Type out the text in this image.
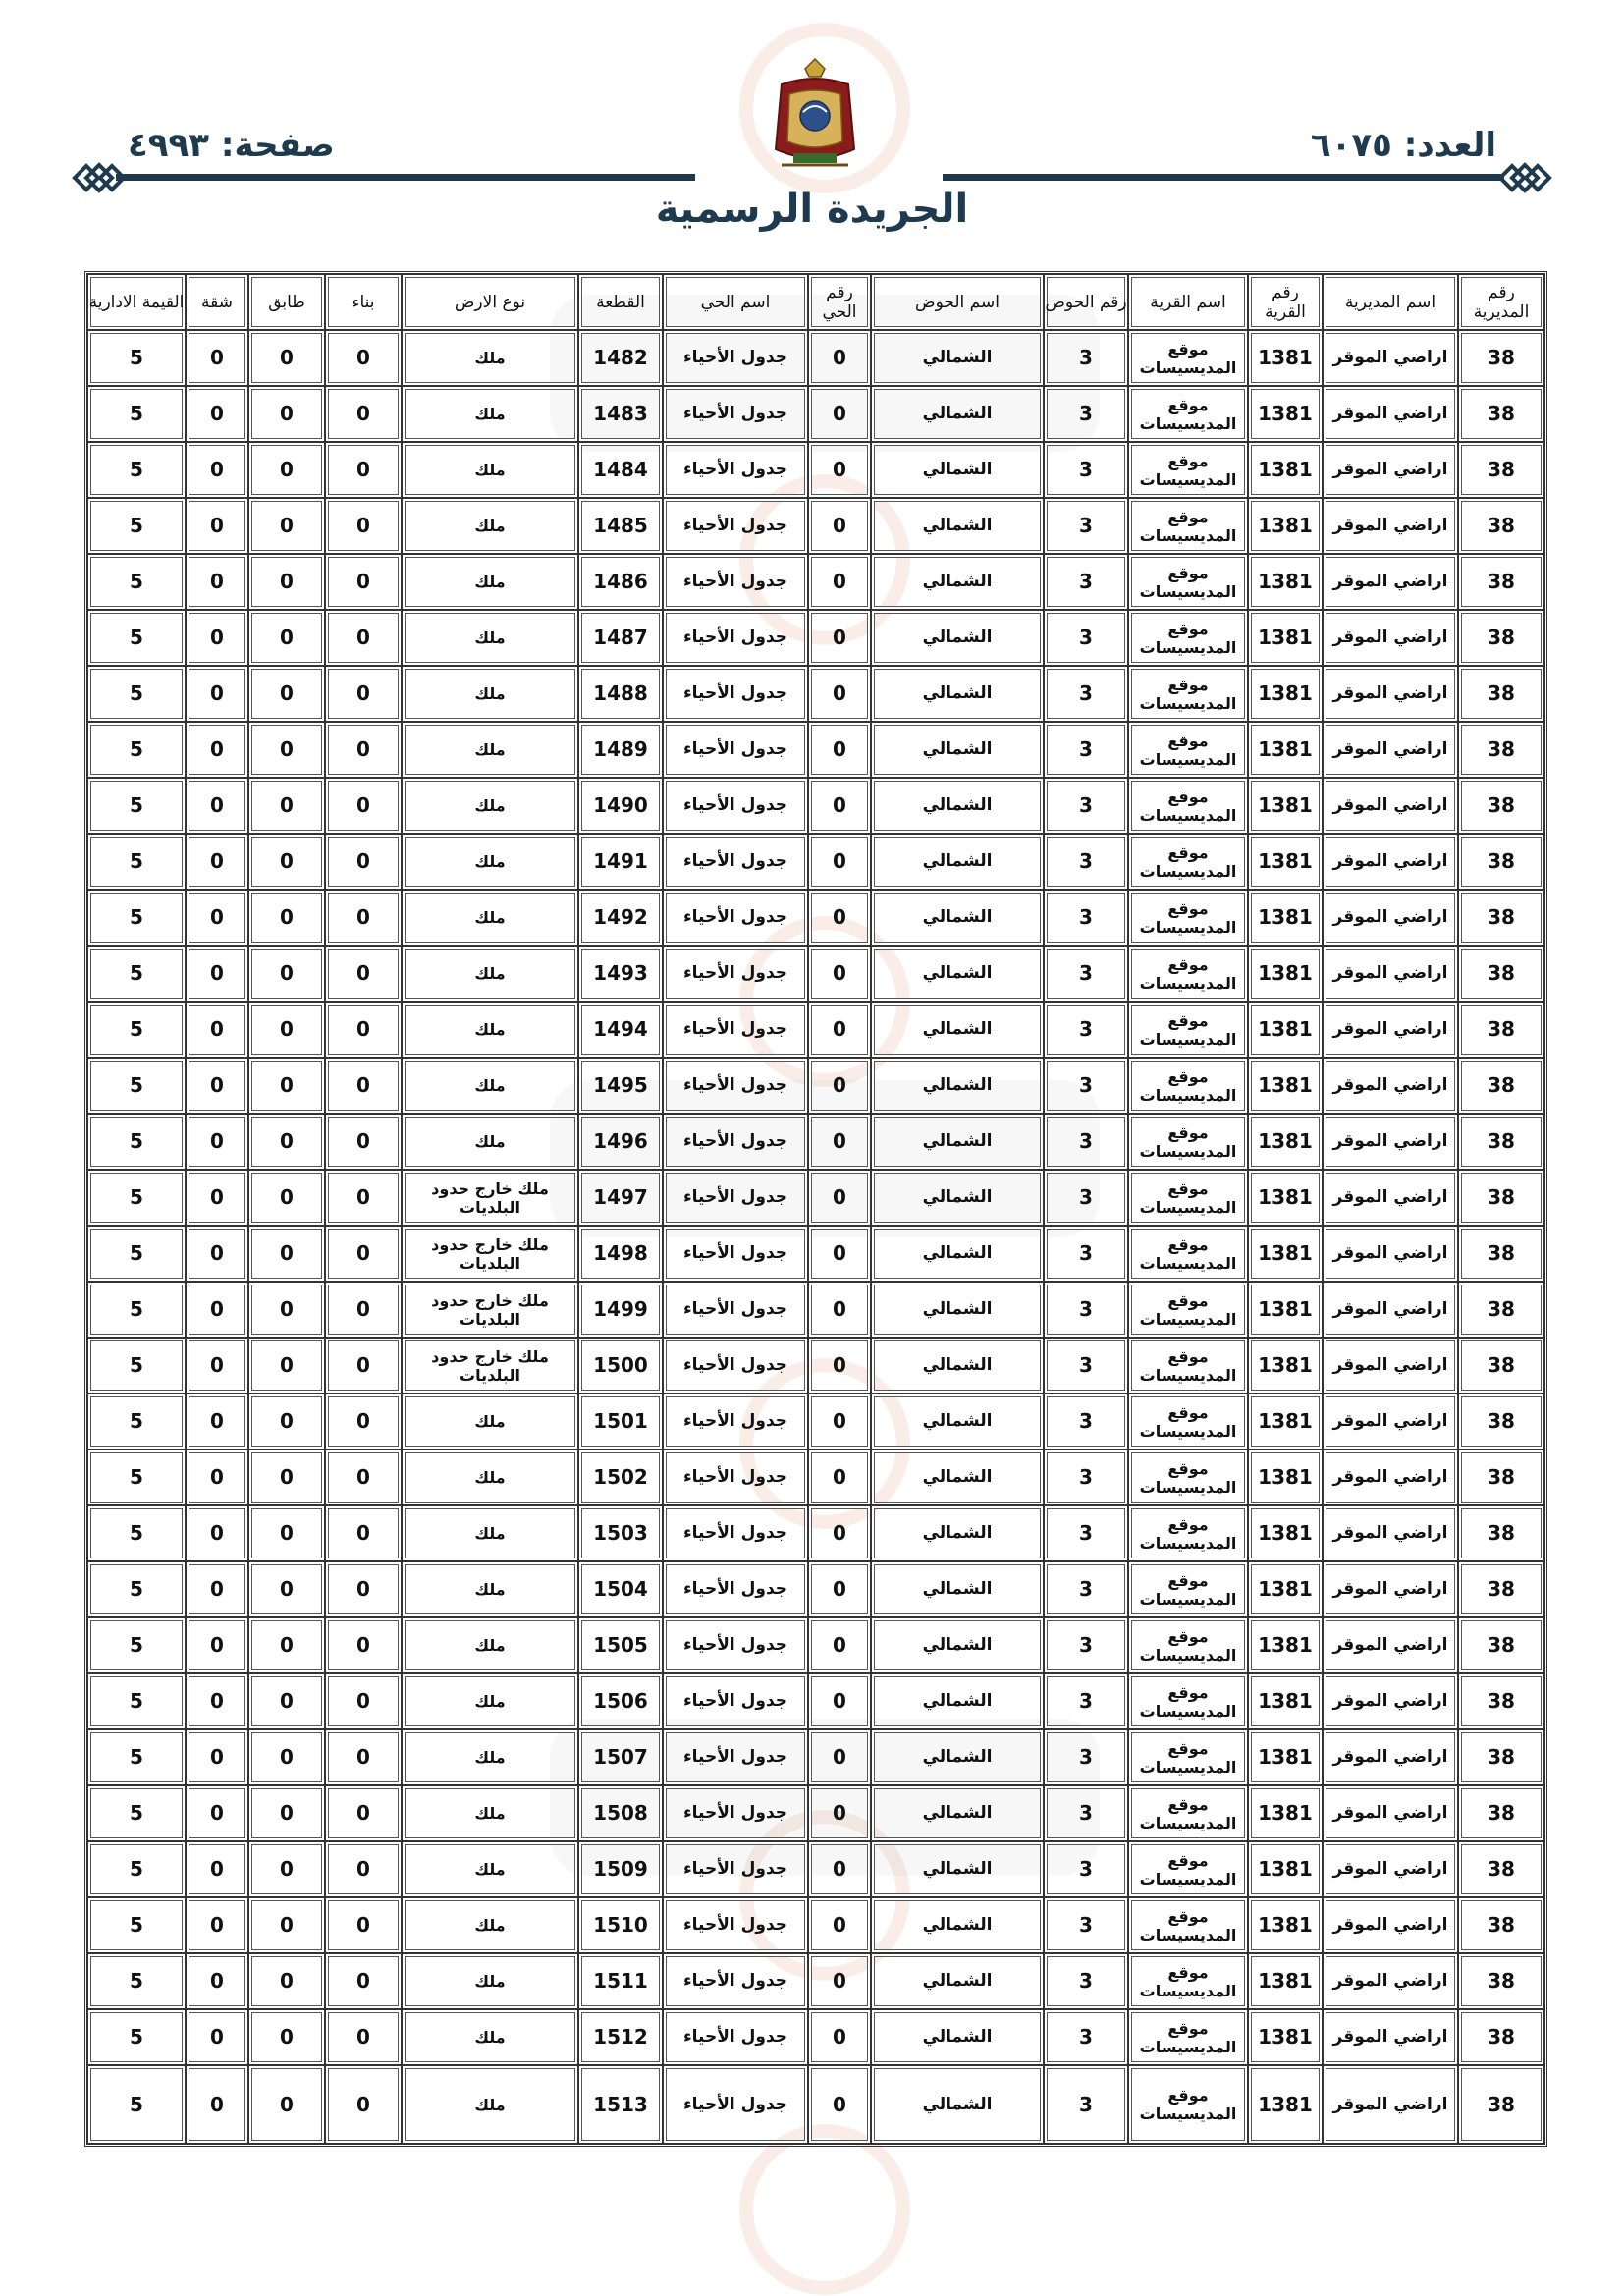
العدد: ٦٠٧٥
صفحة: ٤٩٩٣
الجريدة الرسمية
رقم المديرية	اسم المديرية	رقم القرية	اسم القرية	رقم الحوض	اسم الحوض	رقم الحي	اسم الحي	القطعة	نوع الارض	بناء	طابق	شقة	القيمة الادارية
38	اراضي الموقر	1381	موقع المديسيسات	3	الشمالي	0	جدول الأحياء	1482	ملك	0	0	0	5
38	اراضي الموقر	1381	موقع المديسيسات	3	الشمالي	0	جدول الأحياء	1483	ملك	0	0	0	5
38	اراضي الموقر	1381	موقع المديسيسات	3	الشمالي	0	جدول الأحياء	1484	ملك	0	0	0	5
38	اراضي الموقر	1381	موقع المديسيسات	3	الشمالي	0	جدول الأحياء	1485	ملك	0	0	0	5
38	اراضي الموقر	1381	موقع المديسيسات	3	الشمالي	0	جدول الأحياء	1486	ملك	0	0	0	5
38	اراضي الموقر	1381	موقع المديسيسات	3	الشمالي	0	جدول الأحياء	1487	ملك	0	0	0	5
38	اراضي الموقر	1381	موقع المديسيسات	3	الشمالي	0	جدول الأحياء	1488	ملك	0	0	0	5
38	اراضي الموقر	1381	موقع المديسيسات	3	الشمالي	0	جدول الأحياء	1489	ملك	0	0	0	5
38	اراضي الموقر	1381	موقع المديسيسات	3	الشمالي	0	جدول الأحياء	1490	ملك	0	0	0	5
38	اراضي الموقر	1381	موقع المديسيسات	3	الشمالي	0	جدول الأحياء	1491	ملك	0	0	0	5
38	اراضي الموقر	1381	موقع المديسيسات	3	الشمالي	0	جدول الأحياء	1492	ملك	0	0	0	5
38	اراضي الموقر	1381	موقع المديسيسات	3	الشمالي	0	جدول الأحياء	1493	ملك	0	0	0	5
38	اراضي الموقر	1381	موقع المديسيسات	3	الشمالي	0	جدول الأحياء	1494	ملك	0	0	0	5
38	اراضي الموقر	1381	موقع المديسيسات	3	الشمالي	0	جدول الأحياء	1495	ملك	0	0	0	5
38	اراضي الموقر	1381	موقع المديسيسات	3	الشمالي	0	جدول الأحياء	1496	ملك	0	0	0	5
38	اراضي الموقر	1381	موقع المديسيسات	3	الشمالي	0	جدول الأحياء	1497	ملك خارج حدود البلديات	0	0	0	5
38	اراضي الموقر	1381	موقع المديسيسات	3	الشمالي	0	جدول الأحياء	1498	ملك خارج حدود البلديات	0	0	0	5
38	اراضي الموقر	1381	موقع المديسيسات	3	الشمالي	0	جدول الأحياء	1499	ملك خارج حدود البلديات	0	0	0	5
38	اراضي الموقر	1381	موقع المديسيسات	3	الشمالي	0	جدول الأحياء	1500	ملك خارج حدود البلديات	0	0	0	5
38	اراضي الموقر	1381	موقع المديسيسات	3	الشمالي	0	جدول الأحياء	1501	ملك	0	0	0	5
38	اراضي الموقر	1381	موقع المديسيسات	3	الشمالي	0	جدول الأحياء	1502	ملك	0	0	0	5
38	اراضي الموقر	1381	موقع المديسيسات	3	الشمالي	0	جدول الأحياء	1503	ملك	0	0	0	5
38	اراضي الموقر	1381	موقع المديسيسات	3	الشمالي	0	جدول الأحياء	1504	ملك	0	0	0	5
38	اراضي الموقر	1381	موقع المديسيسات	3	الشمالي	0	جدول الأحياء	1505	ملك	0	0	0	5
38	اراضي الموقر	1381	موقع المديسيسات	3	الشمالي	0	جدول الأحياء	1506	ملك	0	0	0	5
38	اراضي الموقر	1381	موقع المديسيسات	3	الشمالي	0	جدول الأحياء	1507	ملك	0	0	0	5
38	اراضي الموقر	1381	موقع المديسيسات	3	الشمالي	0	جدول الأحياء	1508	ملك	0	0	0	5
38	اراضي الموقر	1381	موقع المديسيسات	3	الشمالي	0	جدول الأحياء	1509	ملك	0	0	0	5
38	اراضي الموقر	1381	موقع المديسيسات	3	الشمالي	0	جدول الأحياء	1510	ملك	0	0	0	5
38	اراضي الموقر	1381	موقع المديسيسات	3	الشمالي	0	جدول الأحياء	1511	ملك	0	0	0	5
38	اراضي الموقر	1381	موقع المديسيسات	3	الشمالي	0	جدول الأحياء	1512	ملك	0	0	0	5
38	اراضي الموقر	1381	موقع المديسيسات	3	الشمالي	0	جدول الأحياء	1513	ملك	0	0	0	5
